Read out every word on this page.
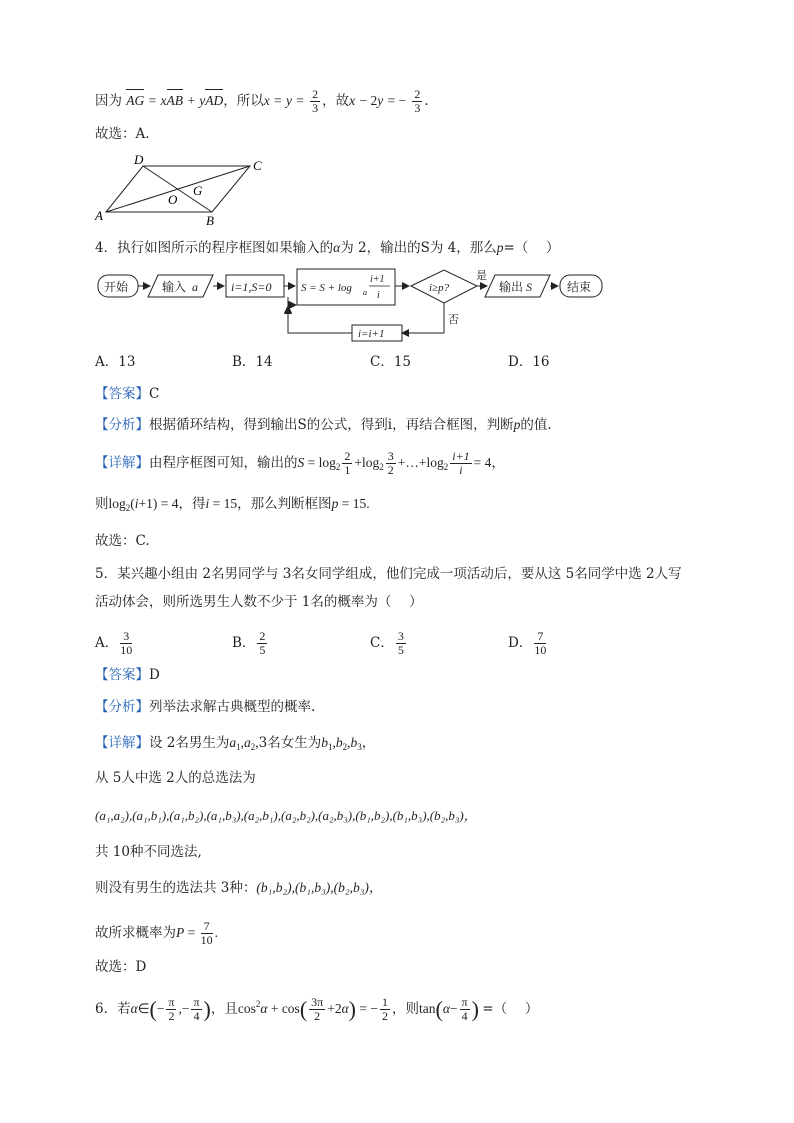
因为 AG = xAB + yAD，所以$x = y = \frac{2}{3}$ ，故x − 2y = − $\frac{2}{3}$ .
故选：A.
A	B
C
D
O
G
4．执行如图所示的程序框图如果输入的α为 2，输出的S为 4，那么p=（　 ）
开始	输入 a	i=1,S=0	S = S + log a
i+1
i
i≥p?
是
否
输出 S	结束
i=i+1
A．13	B．14	C．15	D．16
【答案】C
【分析】根据循环结构，得到输出S的公式，得到i，再结合框图，判断p的值.
【详解】由程序框图可知，输出的$S = \log_2 \frac{2}{1} +\log_2 \frac{3}{2}$ $+\dots+\log_2 \frac{i+1}{i} = 4$，
则$\log_2(i+1) = 4$，得i = 15，那么判断框图p = 15.
故选：C.
5．某兴趣小组由 2名男同学与 3名女同学组成，他们完成一项活动后，要从这 5名同学中选 2人写
活动体会，则所选男生人数不少于 1名的概率为（　 ）
A． $\frac{3}{10}$	B． $\frac{2}{5}$	C． $\frac{3}{5}$	D． $\frac{7}{10}$
【答案】D
【分析】列举法求解古典概型的概率.
【详解】设 2名男生为$a_1,a_2,3$名女生为$b_1,b_2,b_3$，
从 5人中选 2人的总选法为
(a₁,a₂),(a₁,b₁),(a₁,b₂),(a₁,b₃),(a₂,b₁),(a₂,b₂),(a₂,b₃),(b₁,b₂),(b₁,b₃),(b₂,b₃)，
共 10种不同选法,
则没有男生的选法共 3种：(b₁,b₂),(b₁,b₃),(b₂,b₃)，
故所求概率为$P = \frac{7}{10}$ .
故选：D
6．若α∈(− $\frac{\pi}{2}$ ,− $\frac{\pi}{4}$ )，且$\cos^2\alpha + \cos( \frac{3\pi}{2} +2\alpha)$ = − $\frac{1}{2}$ ，则$\tan(\alpha- \frac{\pi}{4}$ ) =（　 ）
